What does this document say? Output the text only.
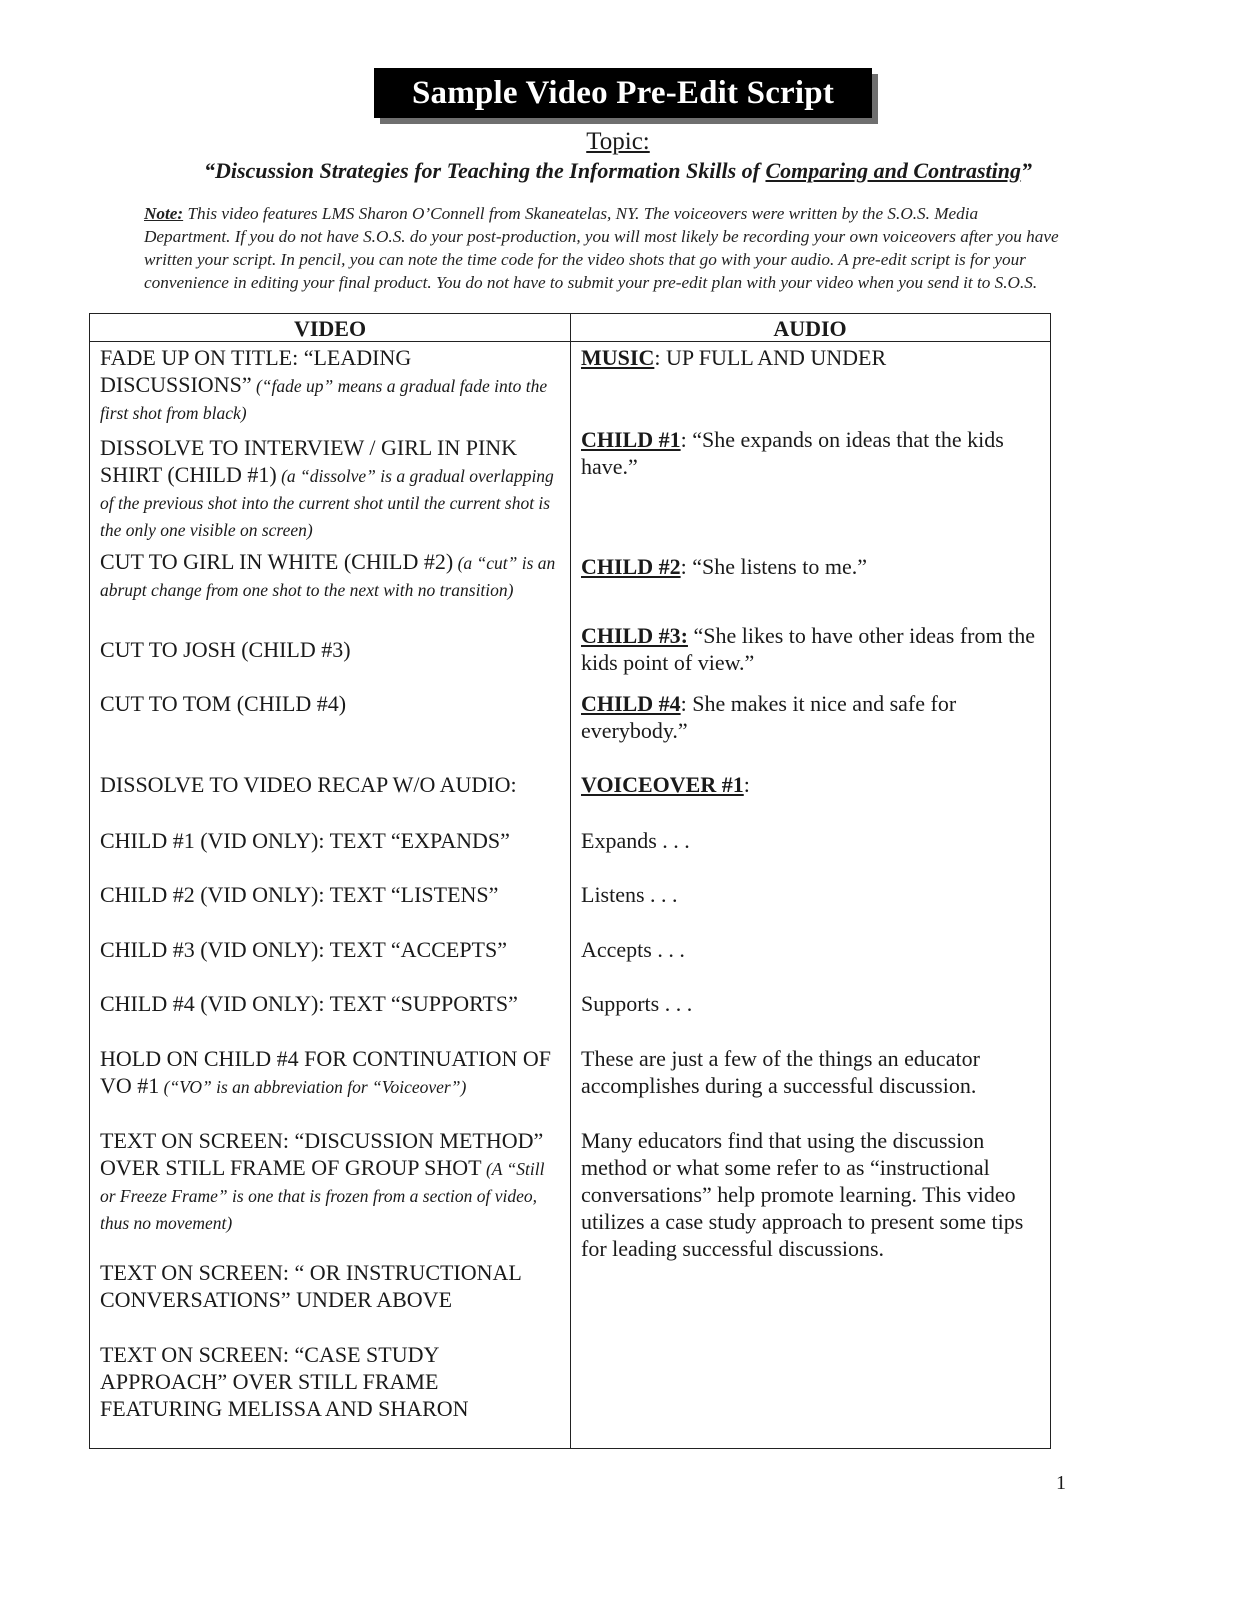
Sample Video Pre-Edit Script
Topic:
“Discussion Strategies for Teaching the Information Skills of Comparing and Contrasting”
Note: This video features LMS Sharon O’Connell from Skaneatelas, NY. The voiceovers were written by the S.O.S. Media Department. If you do not have S.O.S. do your post-production, you will most likely be recording your own voiceovers after you have written your script. In pencil, you can note the time code for the video shots that go with your audio. A pre-edit script is for your convenience in editing your final product. You do not have to submit your pre-edit plan with your video when you send it to S.O.S.
VIDEO	AUDIO
FADE UP ON TITLE: “LEADING DISCUSSIONS” (“fade up” means a gradual fade into the first shot from black)
DISSOLVE TO INTERVIEW / GIRL IN PINK SHIRT (CHILD #1) (a “dissolve” is a gradual overlapping of the previous shot into the current shot until the current shot is the only one visible on screen)
CUT TO GIRL IN WHITE (CHILD #2) (a “cut” is an abrupt change from one shot to the next with no transition)
CUT TO JOSH (CHILD #3)
CUT TO TOM (CHILD #4)
DISSOLVE TO VIDEO RECAP W/O AUDIO:
CHILD #1 (VID ONLY): TEXT “EXPANDS”
CHILD #2 (VID ONLY): TEXT “LISTENS”
CHILD #3 (VID ONLY): TEXT “ACCEPTS”
CHILD #4 (VID ONLY): TEXT “SUPPORTS”
HOLD ON CHILD #4 FOR CONTINUATION OF VO #1 (“VO” is an abbreviation for “Voiceover”)
TEXT ON SCREEN: “DISCUSSION METHOD” OVER STILL FRAME OF GROUP SHOT (A “Still or Freeze Frame” is one that is frozen from a section of video, thus no movement)
TEXT ON SCREEN: “ OR INSTRUCTIONAL CONVERSATIONS” UNDER ABOVE
TEXT ON SCREEN: “CASE STUDY APPROACH” OVER STILL FRAME FEATURING MELISSA AND SHARON
MUSIC: UP FULL AND UNDER
CHILD #1: “She expands on ideas that the kids have.”
CHILD #2: “She listens to me.”
CHILD #3: “She likes to have other ideas from the kids point of view.”
CHILD #4: She makes it nice and safe for everybody.”
VOICEOVER #1:
Expands . . .
Listens . . .
Accepts . . .
Supports . . .
These are just a few of the things an educator accomplishes during a successful discussion.
Many educators find that using the discussion method or what some refer to as “instructional conversations” help promote learning. This video utilizes a case study approach to present some tips for leading successful discussions.
1
